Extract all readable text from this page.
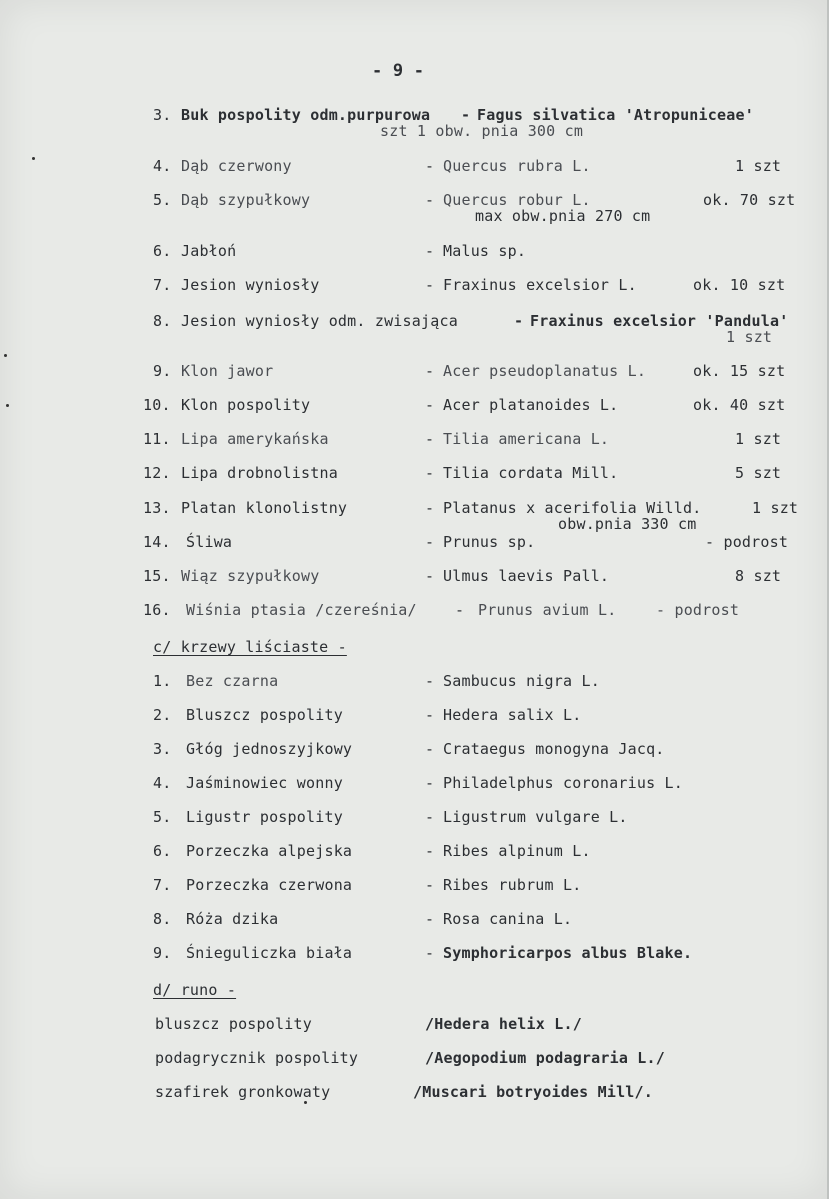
- 9 -
3. Buk pospolity odm.purpurowa - Fagus silvatica 'Atropuniceae'
szt 1 obw. pnia 300 cm
4. Dąb czerwony	- Quercus rubra L.	1 szt
5. Dąb szypułkowy	- Quercus robur L.	ok. 70 szt
max obw.pnia 270 cm
6. Jabłoń	- Malus sp.
7. Jesion wyniosły	- Fraxinus excelsior L.	ok. 10 szt
8. Jesion wyniosły odm. zwisająca	- Fraxinus excelsior 'Pandula'
1 szt
9. Klon jawor	- Acer pseudoplanatus L.	ok. 15 szt
10. Klon pospolity	- Acer platanoides L.	ok. 40 szt
11. Lipa amerykańska	- Tilia americana L.	1 szt
12. Lipa drobnolistna	- Tilia cordata Mill.	5 szt
13. Platan klonolistny	- Platanus x acerifolia Willd.	1 szt
obw.pnia 330 cm
14. Śliwa	- Prunus sp.	- podrost
15. Wiąz szypułkowy	- Ulmus laevis Pall.	8 szt
16. Wiśnia ptasia /czereśnia/	- Prunus avium L.	- podrost
c/ krzewy liściaste -
1. Bez czarna	- Sambucus nigra L.
2. Bluszcz pospolity	- Hedera salix L.
3. Głóg jednoszyjkowy	- Crataegus monogyna Jacq.
4. Jaśminowiec wonny	- Philadelphus coronarius L.
5. Ligustr pospolity	- Ligustrum vulgare L.
6. Porzeczka alpejska	- Ribes alpinum L.
7. Porzeczka czerwona	- Ribes rubrum L.
8. Róża dzika	- Rosa canina L.
9. Śnieguliczka biała	- Symphoricarpos albus Blake.
d/ runo -
bluszcz pospolity	/Hedera helix L./
podagrycznik pospolity	/Aegopodium podagraria L./
szafirek gronkowaty	/Muscari botryoides Mill/.
